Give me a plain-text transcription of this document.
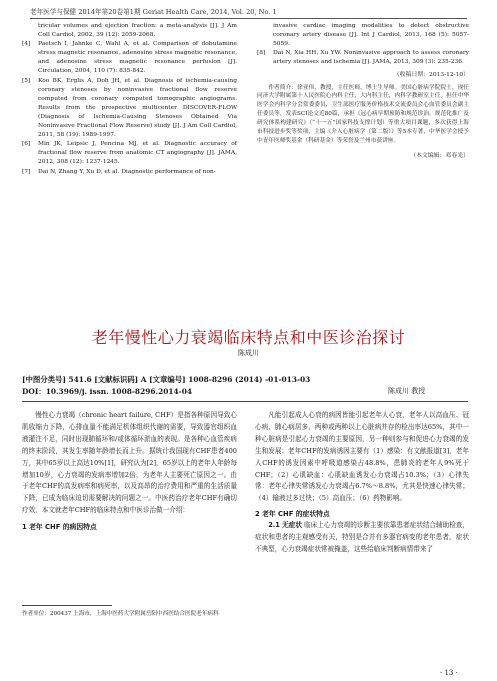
老年医学与保健 2014年第20卷第1期 Geriat Health Care, 2014, Vol. 20, No. 1
tricular volumes and ejection fraction: a meta-analysis [J]. J Am Coll Cardiol, 2002, 39 (12): 2059-2068.
[4]	Paetsch I, Jahnke C, Wahl A, et al. Comparison of dobutamine stress magnetic resonance, adenosine stress magnetic resonance, and adenosine stress magnetic resonance perfusion [J]. Circulation, 2004, 110 (7): 835-842.
[5]	Koo BK, Erglis A, Doh JH, et al. Diagnosis of ischemia-causing coronary stenoses by noninvasive fractional flow reserve computed from coronary computed tomographic angiograms. Results from the prospective multicenter DISCOVER-FLOW (Diagnosis of Ischemia-Causing Stenoses Obtained Via Noninvasive Fractional Flow Reserve) study [J]. J Am Coll Cardiol, 2011, 58 (19): 1989-1997.
[6]	Min JK, Leipsic J, Pencina MJ, et al. Diagnostic accuracy of fractional flow reserve from anatomic CT angiography [J]. JAMA, 2012, 308 (12): 1237-1245.
[7]	Dai N, Zhang Y, Xu D, et al. Diagnostic performance of non-
invasive cardiac imaging modalities to detect obstructive coronary artery disease [J]. Int J Cardiol, 2013, 168 (5): 5057-5059.
[8]	Dai N, Xia HH, Xu YW. Noninvasive approach to assess coronary artery stenoses and ischemia [J]. JAMA, 2013, 309 (3): 235-236.
（收稿日期：2013-12-10）
作者简介：徐亚伟，教授，主任医师，博士生导师。美国心脏病学院院士，现任同济大学附属第十人民医院心内科主任，大内科主任，内科学教研室主任。担任中华医学会内科学分会常委委员，卫生部医疗服务价格技术交流委员会心血管委员会副主任委员等，发表SCI论文近80篇，承担《冠心病早期预防和规范诊治，规范化推广及研究体系构建研究》（“十一五”国家科技支撑计划）等重大项目课题，多次获得上海市科技进步奖等奖项，主编《介入心脏病学（第二版）》等5本专著，中华医学会授予中青年医师奖基金（科研基金）等荣誉及兰州市获讲座。
（本文编辑：邓春光）
老年慢性心力衰竭临床特点和中医诊治探讨
陈成川
[中图分类号] 541.6 [文献标识码] A [文章编号] 1008-8296 (2014) -01-013-03
DOI：10.3969/j. issn. 1008-8296.2014-04	陈成川 教授
慢性心力衰竭（chronic heart failure, CHF）是指各种原因导致心肌收缩力下降，心排血量不能满足机体组织代谢的需要，导致器官组织血液灌注不足，同时出现肺循环和/或体循环淤血的表现。是各种心血管疾病的终末阶段，其发生率随年龄增长而上升。据统计我国现有CHF患者400万，其中65岁以上高达10%[1]，研究认为[2]，65岁以上的老年人年龄每增加10岁，心力衰竭的发病率增加2倍，为老年人主要死亡原因之一。由于老年CHF的高发病率和病死率，以及高昂的治疗费用和严重的生活质量下降，已成为临床迫切需要解决的问题之一。中医药治疗老年CHF有确切疗效，本文就老年CHF的临床特点和中医诊治做一介绍：
1 老年 CHF 的病因特点
作者单位：200437 上海市，上海中医药大学附属岳阳中西医结合医院老年病科
凡能引起成人心衰的病因皆能引起老年人心衰，老年人以高血压、冠心病、肺心病居多，两种或两种以上心脏病并存的检出率达65%，其中一种心脏病是引起心力衰竭的主要原因，另一种则参与和促进心力衰竭的发生和发展；老年CHF的发病诱因主要有（1）感染：有文献报道[3]，老年人CHF的诱发因素中呼吸道感染占48.8%，患肺炎的老年人9%死于CHF；（2）心肌缺血：心肌缺血诱发心力衰竭占10.3%；（3）心律失常：老年心律失常诱发心力衰竭占6.7%～8.8%，尤其是快速心律失常；（4）输液过多过快；（5）高血压；（6）药物影响。
2 老年 CHF 的症状特点
2.1 无症状 临床上心力衰竭的诊断主要依靠患者症状结合辅助检查，症状和患者的主观感受有关，特别是合并有多器官病变的老年患者，症状不典型，心力衰竭症状常被掩盖，这些给临床判断病情带来了
· 13 ·
